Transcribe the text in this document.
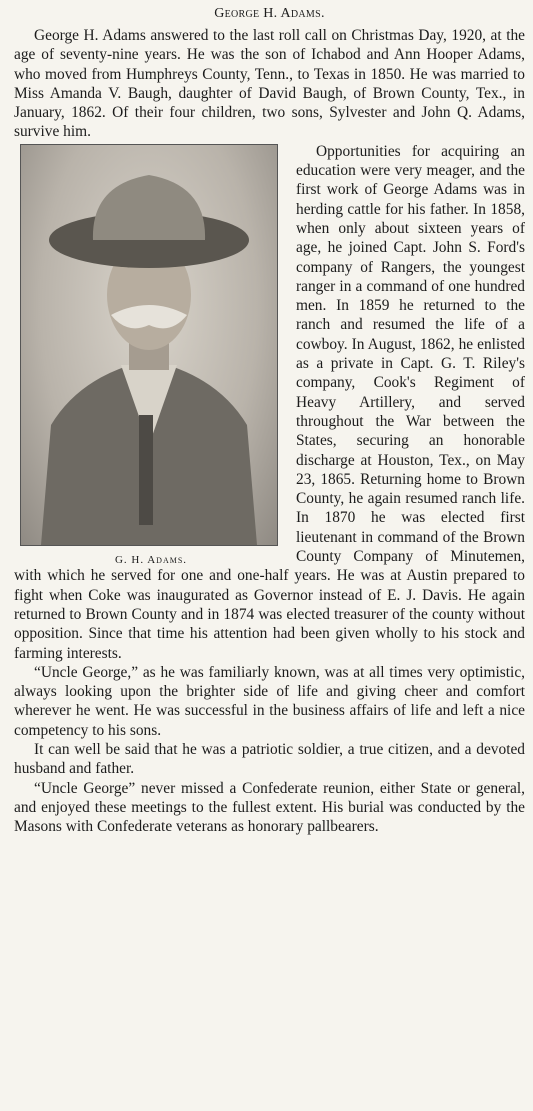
George H. Adams.

George H. Adams answered to the last roll call on Christmas Day, 1920, at the age of seventy-nine years. He was the son of Ichabod and Ann Hooper Adams, who moved from Humphreys County, Tenn., to Texas in 1850. He was married to Miss Amanda V. Baugh, daughter of David Baugh, of Brown County, Tex., in January, 1862. Of their four children, two sons, Sylvester and John Q. Adams, survive him.

G. H. Adams.

Opportunities for acquiring an education were very meager, and the first work of George Adams was in herding cattle for his father. In 1858, when only about sixteen years of age, he joined Capt. John S. Ford's company of Rangers, the youngest ranger in a command of one hundred men. In 1859 he returned to the ranch and resumed the life of a cowboy. In August, 1862, he enlisted as a private in Capt. G. T. Riley's company, Cook's Regiment of Heavy Artillery, and served throughout the War between the States, securing an honorable discharge at Houston, Tex., on May 23, 1865. Returning home to Brown County, he again resumed ranch life. In 1870 he was elected first lieutenant in command of the Brown County Company of Minutemen, with which he served for one and one-half years. He was at Austin prepared to fight when Coke was inaugurated as Governor instead of E. J. Davis. He again returned to Brown County and in 1874 was elected treasurer of the county without opposition. Since that time his attention had been given wholly to his stock and farming interests.

“Uncle George,” as he was familiarly known, was at all times very optimistic, always looking upon the brighter side of life and giving cheer and comfort wherever he went. He was successful in the business affairs of life and left a nice competency to his sons.

It can well be said that he was a patriotic soldier, a true citizen, and a devoted husband and father.

“Uncle George” never missed a Confederate reunion, either State or general, and enjoyed these meetings to the fullest extent. His burial was conducted by the Masons with Confederate veterans as honorary pallbearers.
